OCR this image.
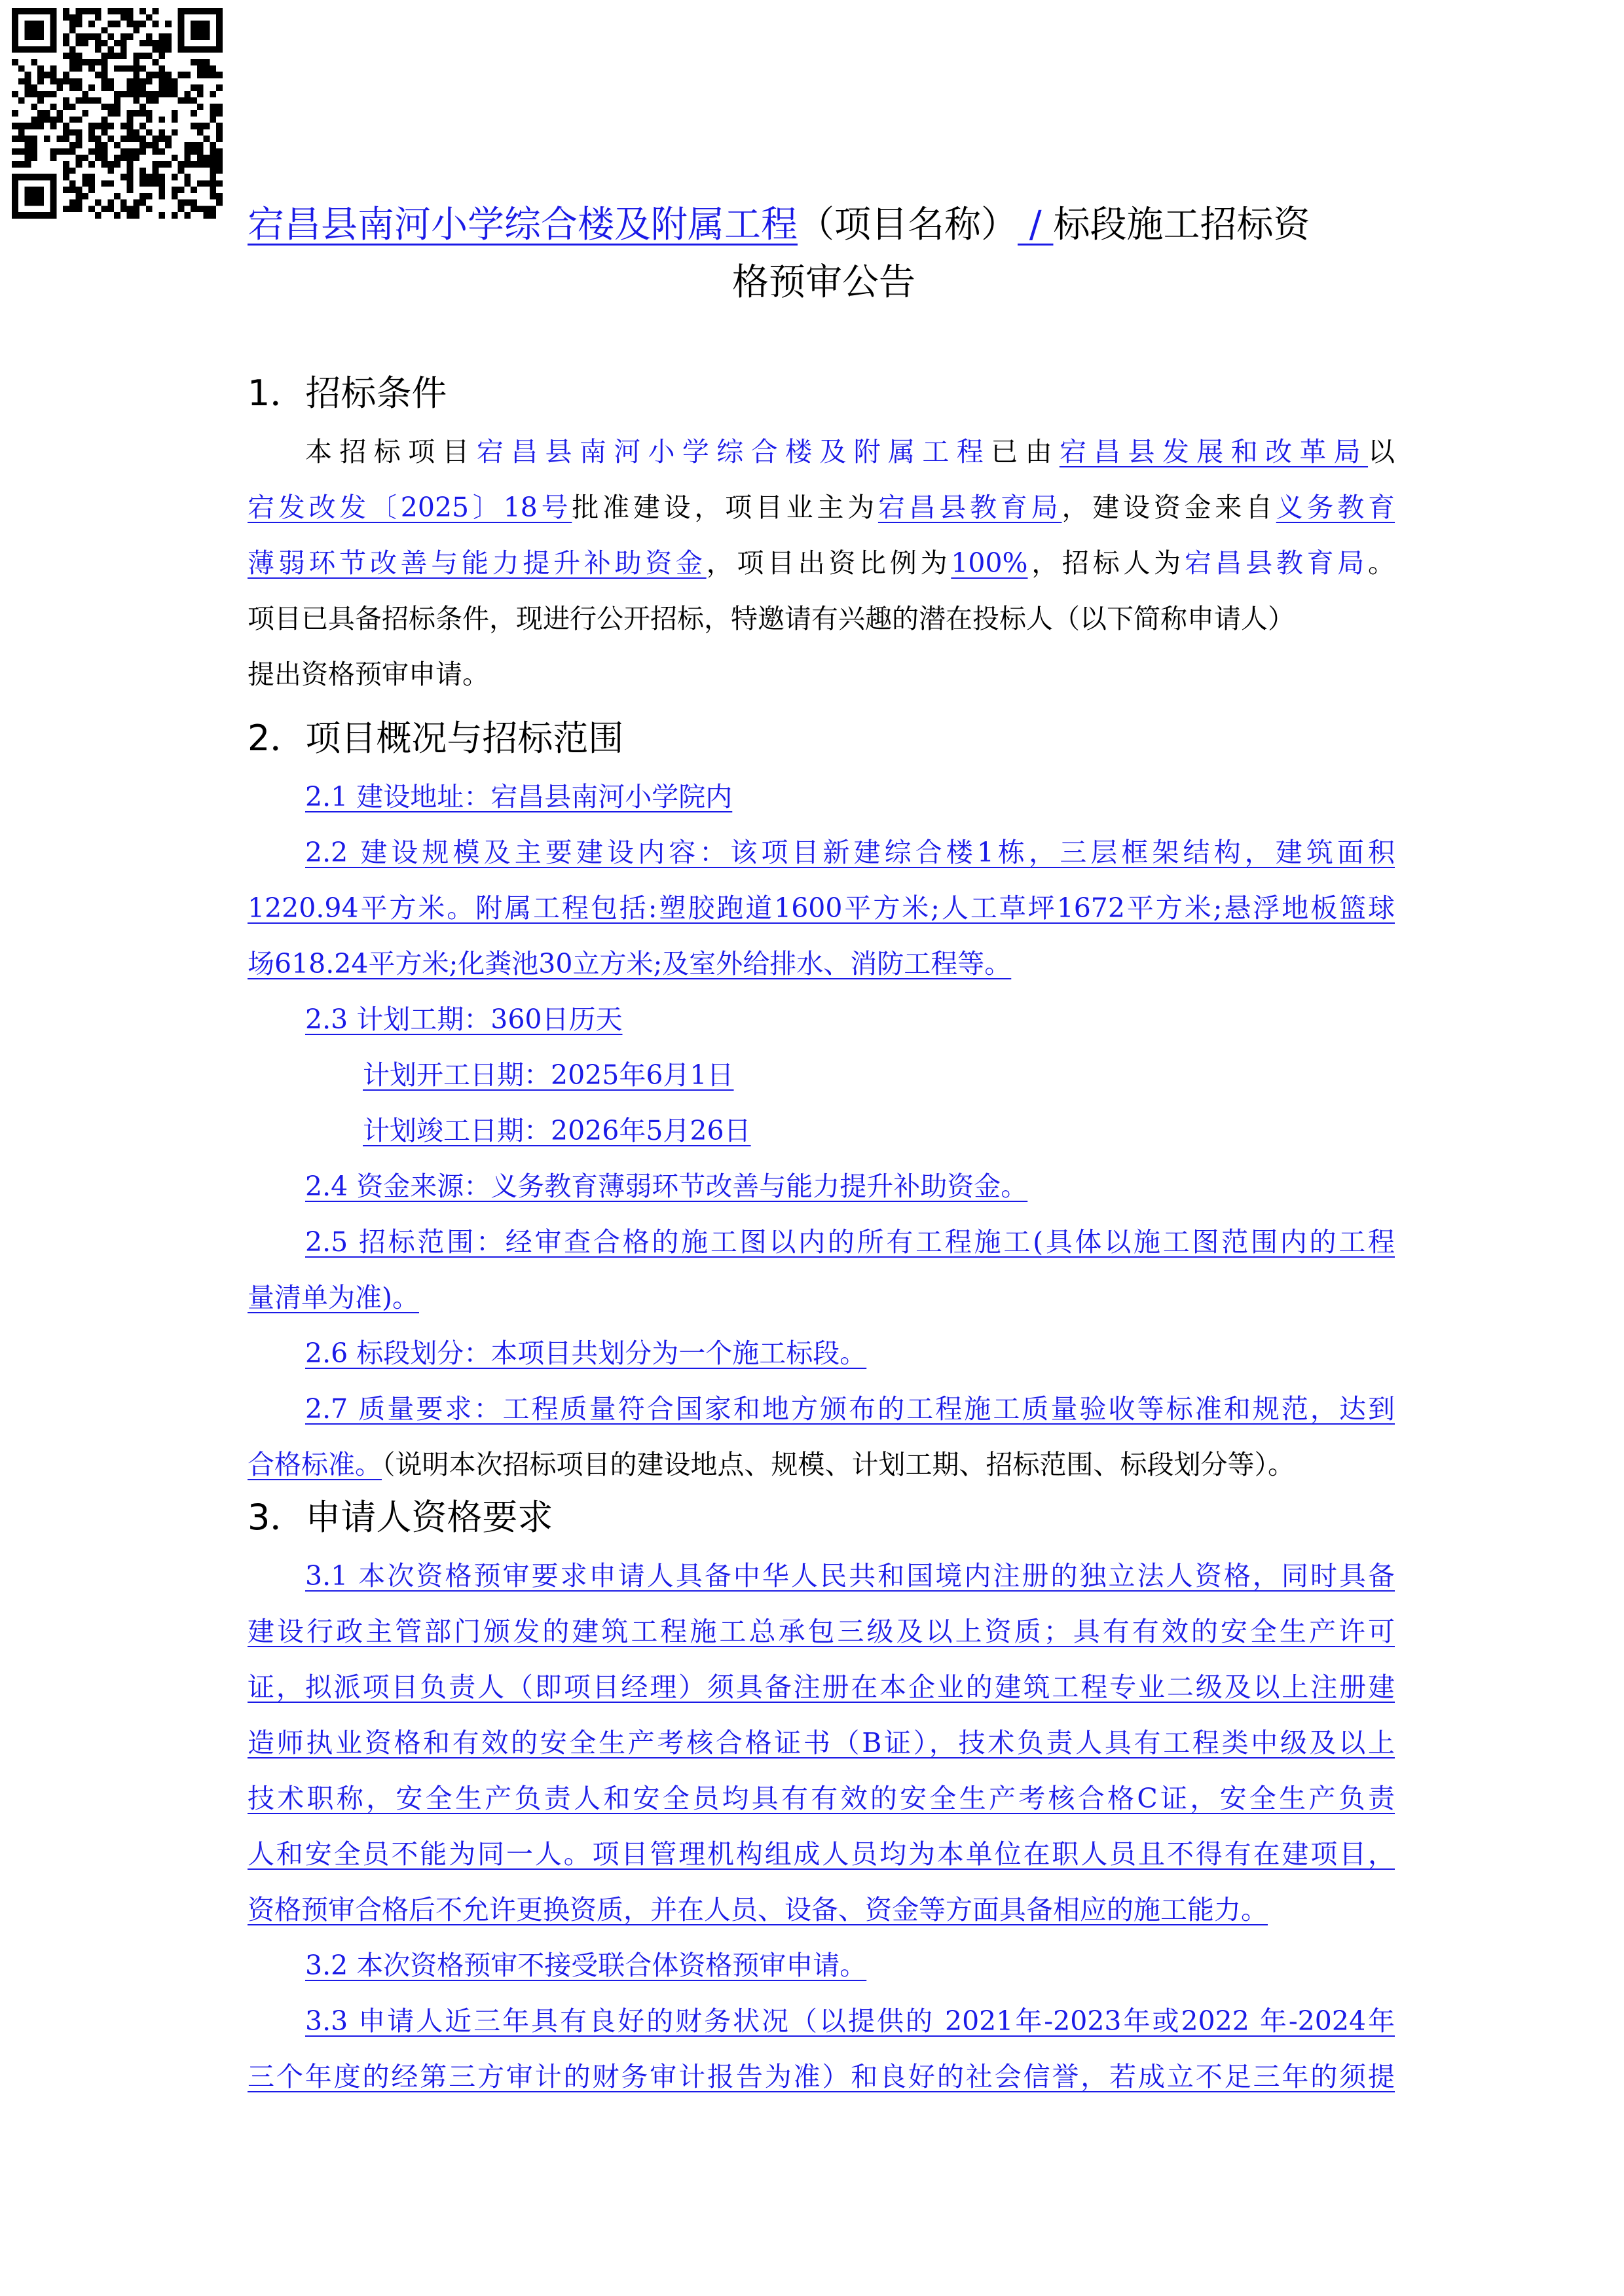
宕昌县南河小学综合楼及附属工程（项目名称） / 标段施工招标资
格预审公告
1．招标条件
本招标项目宕昌县南河小学综合楼及附属工程已由宕昌县发展和改革局以
宕发改发〔2025〕18号批准建设，项目业主为宕昌县教育局，建设资金来自义务教育
薄弱环节改善与能力提升补助资金，项目出资比例为100%，招标人为宕昌县教育局。
项目已具备招标条件，现进行公开招标，特邀请有兴趣的潜在投标人（以下简称申请人）
提出资格预审申请。
2．项目概况与招标范围
2.1 建设地址：宕昌县南河小学院内
2.2 建设规模及主要建设内容：该项目新建综合楼1栋，三层框架结构，建筑面积
1220.94平方米。附属工程包括:塑胶跑道1600平方米;人工草坪1672平方米;悬浮地板篮球
场618.24平方米;化粪池30立方米;及室外给排水、消防工程等。
2.3 计划工期：360日历天
计划开工日期：2025年6月1日
计划竣工日期：2026年5月26日
2.4 资金来源：义务教育薄弱环节改善与能力提升补助资金。
2.5 招标范围：经审查合格的施工图以内的所有工程施工(具体以施工图范围内的工程
量清单为准)。
2.6 标段划分：本项目共划分为一个施工标段。
2.7 质量要求：工程质量符合国家和地方颁布的工程施工质量验收等标准和规范，达到
合格标准。（说明本次招标项目的建设地点、规模、计划工期、招标范围、标段划分等）。
3．申请人资格要求
3.1 本次资格预审要求申请人具备中华人民共和国境内注册的独立法人资格，同时具备
建设行政主管部门颁发的建筑工程施工总承包三级及以上资质；具有有效的安全生产许可
证，拟派项目负责人（即项目经理）须具备注册在本企业的建筑工程专业二级及以上注册建
造师执业资格和有效的安全生产考核合格证书（B证），技术负责人具有工程类中级及以上
技术职称，安全生产负责人和安全员均具有有效的安全生产考核合格C证，安全生产负责
人和安全员不能为同一人。项目管理机构组成人员均为本单位在职人员且不得有在建项目，
资格预审合格后不允许更换资质，并在人员、设备、资金等方面具备相应的施工能力。
3.2 本次资格预审不接受联合体资格预审申请。
3.3 申请人近三年具有良好的财务状况（以提供的 2021年-2023年或2022 年-2024年
三个年度的经第三方审计的财务审计报告为准）和良好的社会信誉，若成立不足三年的须提
